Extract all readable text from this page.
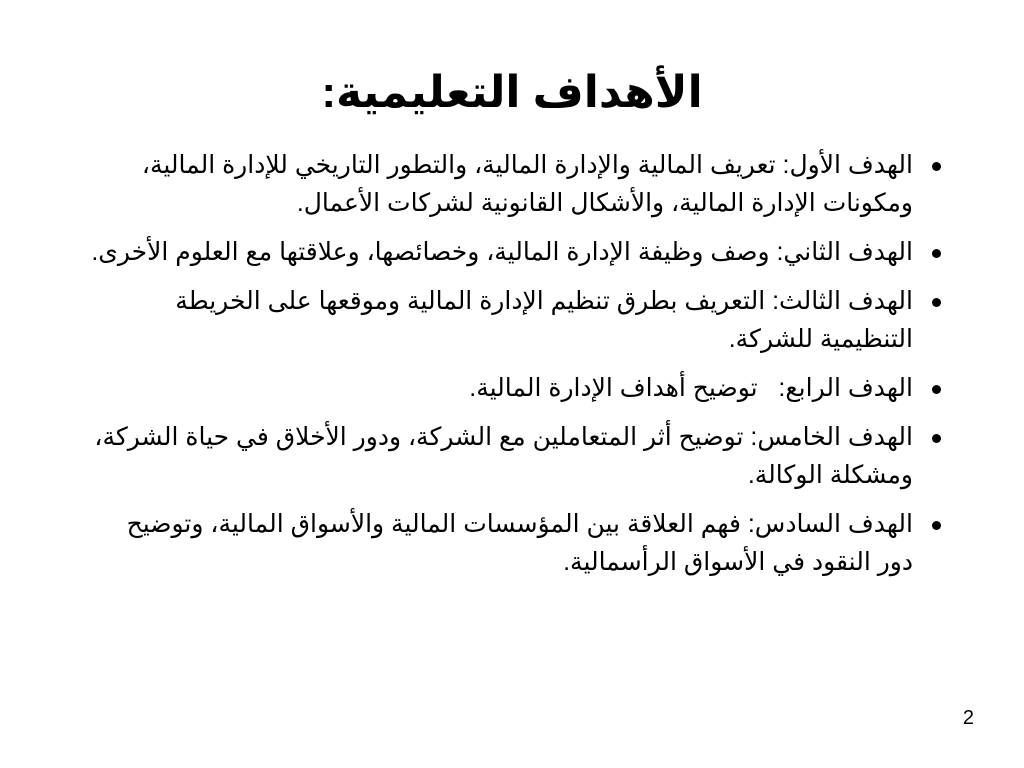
الأهداف التعليمية:
الهدف الأول: تعريف المالية والإدارة المالية، والتطور التاريخي للإدارة المالية، ومكونات الإدارة المالية، والأشكال القانونية لشركات الأعمال.
الهدف الثاني: وصف وظيفة الإدارة المالية، وخصائصها، وعلاقتها مع العلوم الأخرى.
الهدف الثالث: التعريف بطرق تنظيم الإدارة المالية وموقعها على الخريطة التنظيمية للشركة.
الهدف الرابع:   توضيح أهداف الإدارة المالية.
الهدف الخامس: توضيح أثر المتعاملين مع الشركة، ودور الأخلاق في حياة الشركة، ومشكلة الوكالة.
الهدف السادس: فهم العلاقة بين المؤسسات المالية والأسواق المالية، وتوضيح دور النقود في الأسواق الرأسمالية.
2
